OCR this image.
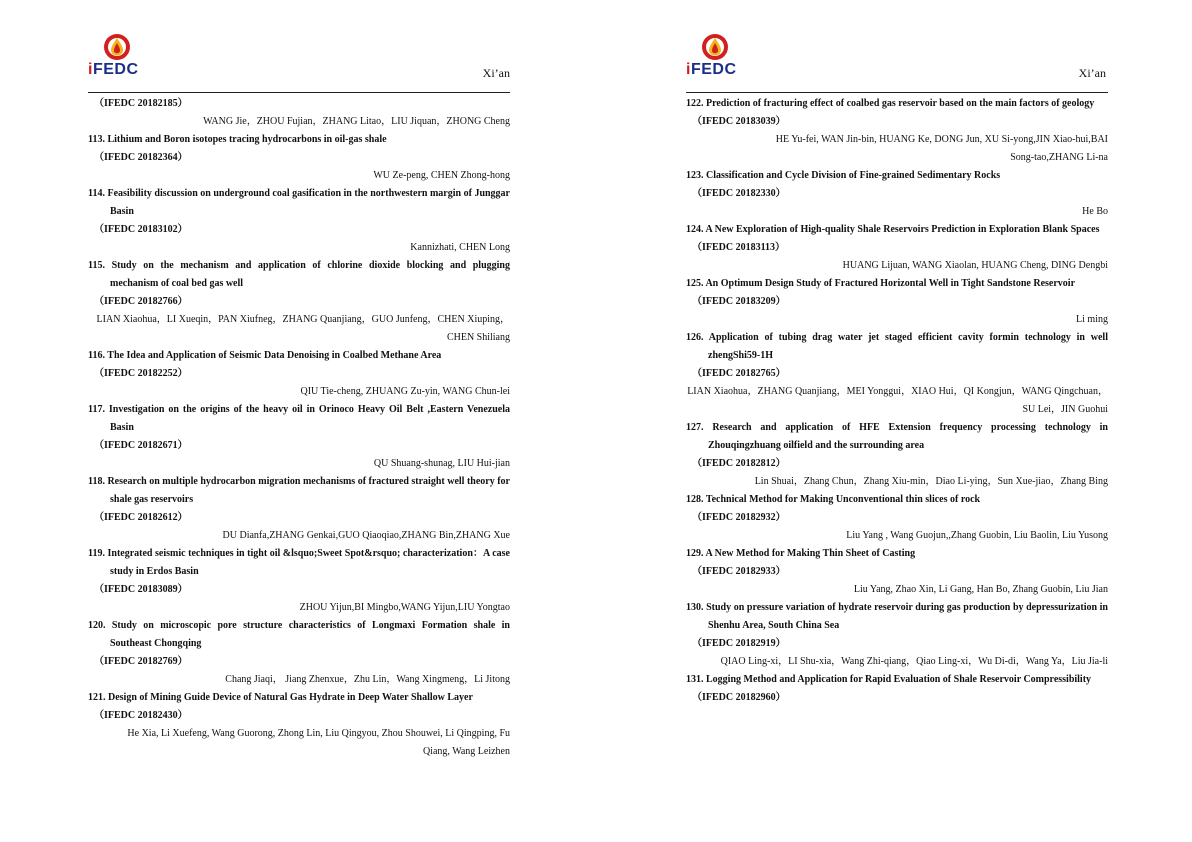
iFEDC	Xi’an
（IFEDC 20182185）
WANG Jie，ZHOU Fujian，ZHANG Litao，LIU Jiquan，ZHONG Cheng
113. Lithium and Boron isotopes tracing hydrocarbons in oil-gas shale
（IFEDC 20182364）
WU Ze-peng, CHEN Zhong-hong
114. Feasibility discussion on underground coal gasification in the northwestern margin of Junggar Basin
（IFEDC 20183102）
Kannizhati, CHEN Long
115. Study on the mechanism and application of chlorine dioxide blocking and plugging mechanism of coal bed gas well
（IFEDC 20182766）
LIAN Xiaohua，LI Xueqin，PAN Xiufneg，ZHANG Quanjiang，GUO Junfeng，CHEN Xiuping，
CHEN Shiliang
116. The Idea and Application of Seismic Data Denoising in Coalbed Methane Area
（IFEDC 20182252）
QIU Tie-cheng, ZHUANG Zu-yin, WANG Chun-lei
117. Investigation on the origins of the heavy oil in Orinoco Heavy Oil Belt ,Eastern Venezuela Basin
（IFEDC 20182671）
QU Shuang-shunag, LIU Hui-jian
118. Research on multiple hydrocarbon migration mechanisms of fractured straight well theory for shale gas reservoirs
（IFEDC 20182612）
DU Dianfa,ZHANG Genkai,GUO Qiaoqiao,ZHANG Bin,ZHANG Xue
119. Integrated seismic techniques in tight oil &lsquo;Sweet Spot&rsquo; characterization：A case study in Erdos Basin
（IFEDC 20183089）
ZHOU Yijun,BI Mingbo,WANG Yijun,LIU Yongtao
120. Study on microscopic pore structure characteristics of Longmaxi Formation shale in Southeast Chongqing
（IFEDC 20182769）
Chang Jiaqi， Jiang Zhenxue，Zhu Lin，Wang Xingmeng，Li Jitong
121. Design of Mining Guide Device of Natural Gas Hydrate in Deep Water Shallow Layer
（IFEDC 20182430）
He Xia, Li Xuefeng, Wang Guorong, Zhong Lin, Liu Qingyou, Zhou Shouwei, Li Qingping, Fu
Qiang, Wang Leizhen
iFEDC	Xi’an
122. Prediction of fracturing effect of coalbed gas reservoir based on the main factors of geology
（IFEDC 20183039）
HE Yu-fei, WAN Jin-bin, HUANG Ke, DONG Jun, XU Si-yong,JIN Xiao-hui,BAI
Song-tao,ZHANG Li-na
123. Classification and Cycle Division of Fine-grained Sedimentary Rocks
（IFEDC 20182330）
He Bo
124. A New Exploration of High-quality Shale Reservoirs Prediction in Exploration Blank Spaces
（IFEDC 20183113）
HUANG Lijuan, WANG Xiaolan, HUANG Cheng, DING Dengbi
125. An Optimum Design Study of Fractured Horizontal Well in Tight Sandstone Reservoir
（IFEDC 20183209）
Li ming
126. Application of tubing drag water jet staged efficient cavity formin technology in well zhengShi59-1H
（IFEDC 20182765）
LIAN Xiaohua，ZHANG Quanjiang，MEI Yonggui，XIAO Hui，QI Kongjun，WANG Qingchuan，
SU Lei，JIN Guohui
127. Research and application of HFE Extension frequency processing technology in Zhouqingzhuang oilfield and the surrounding area
（IFEDC 20182812）
Lin Shuai，Zhang Chun，Zhang Xiu-min，Diao Li-ying，Sun Xue-jiao，Zhang Bing
128. Technical Method for Making Unconventional thin slices of rock
（IFEDC 20182932）
Liu Yang , Wang Guojun,,Zhang Guobin, Liu Baolin, Liu Yusong
129. A New Method for Making Thin Sheet of Casting
（IFEDC 20182933）
Liu Yang, Zhao Xin, Li Gang, Han Bo, Zhang Guobin, Liu Jian
130. Study on pressure variation of hydrate reservoir during gas production by depressurization in Shenhu Area, South China Sea
（IFEDC 20182919）
QIAO Ling-xi，LI Shu-xia，Wang Zhi-qiang，Qiao Ling-xi，Wu Di-di，Wang Ya，Liu Jia-li
131. Logging Method and Application for Rapid Evaluation of Shale Reservoir Compressibility
（IFEDC 20182960）
